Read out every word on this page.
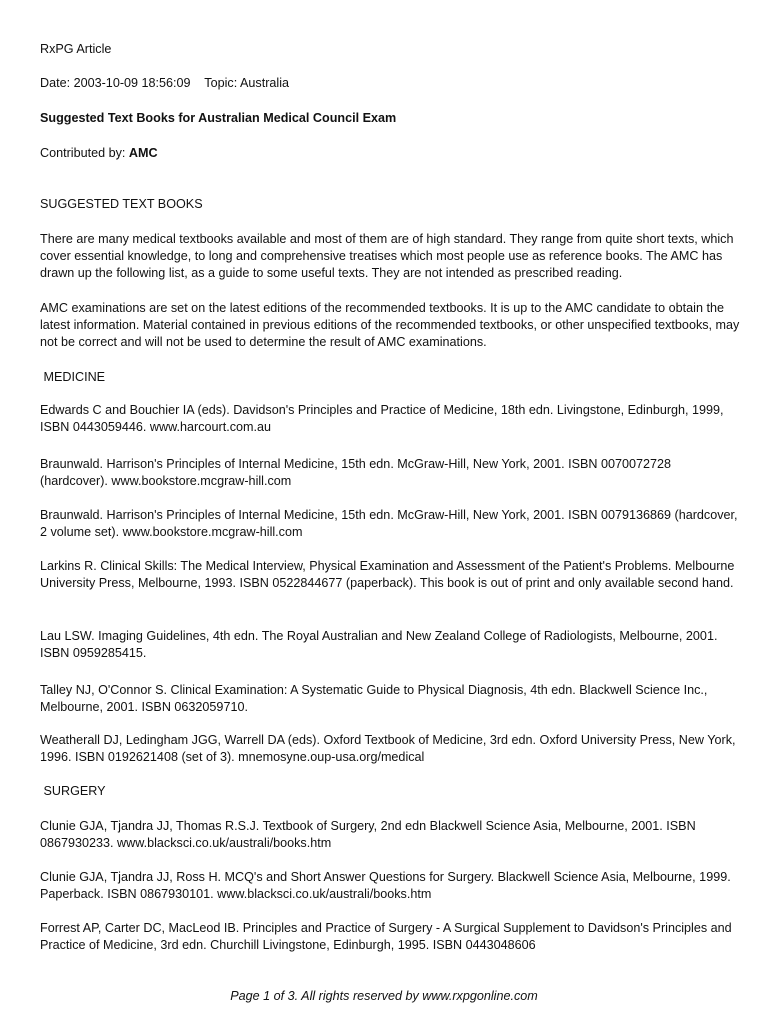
RxPG Article
Date: 2003-10-09 18:56:09    Topic: Australia
Suggested Text Books for Australian Medical Council Exam
Contributed by: AMC
SUGGESTED TEXT BOOKS
There are many medical textbooks available and most of them are of high standard. They range from quite short texts, which cover essential knowledge, to long and comprehensive treatises which most people use as reference books. The AMC has drawn up the following list, as a guide to some useful texts. They are not intended as prescribed reading.
AMC examinations are set on the latest editions of the recommended textbooks. It is up to the AMC candidate to obtain the latest information. Material contained in previous editions of the recommended textbooks, or other unspecified textbooks, may not be correct and will not be used to determine the result of AMC examinations.
MEDICINE
Edwards C and Bouchier IA (eds). Davidson's Principles and Practice of Medicine, 18th edn. Livingstone, Edinburgh, 1999, ISBN 0443059446. www.harcourt.com.au
Braunwald. Harrison's Principles of Internal Medicine, 15th edn. McGraw-Hill, New York, 2001. ISBN 0070072728 (hardcover). www.bookstore.mcgraw-hill.com
Braunwald. Harrison's Principles of Internal Medicine, 15th edn. McGraw-Hill, New York, 2001. ISBN 0079136869 (hardcover, 2 volume set). www.bookstore.mcgraw-hill.com
Larkins R. Clinical Skills: The Medical Interview, Physical Examination and Assessment of the Patient's Problems. Melbourne University Press, Melbourne, 1993. ISBN 0522844677 (paperback). This book is out of print and only available second hand.
Lau LSW. Imaging Guidelines, 4th edn. The Royal Australian and New Zealand College of Radiologists, Melbourne, 2001. ISBN 0959285415.
Talley NJ, O'Connor S. Clinical Examination: A Systematic Guide to Physical Diagnosis, 4th edn. Blackwell Science Inc., Melbourne, 2001. ISBN 0632059710.
Weatherall DJ, Ledingham JGG, Warrell DA (eds). Oxford Textbook of Medicine, 3rd edn. Oxford University Press, New York, 1996. ISBN 0192621408 (set of 3). mnemosyne.oup-usa.org/medical
SURGERY
Clunie GJA, Tjandra JJ, Thomas R.S.J. Textbook of Surgery, 2nd edn Blackwell Science Asia, Melbourne, 2001. ISBN 0867930233. www.blacksci.co.uk/australi/books.htm
Clunie GJA, Tjandra JJ, Ross H. MCQ's and Short Answer Questions for Surgery. Blackwell Science Asia, Melbourne, 1999. Paperback. ISBN 0867930101. www.blacksci.co.uk/australi/books.htm
Forrest AP, Carter DC, MacLeod IB. Principles and Practice of Surgery - A Surgical Supplement to Davidson's Principles and Practice of Medicine, 3rd edn. Churchill Livingstone, Edinburgh, 1995. ISBN 0443048606
Page 1 of 3. All rights reserved by www.rxpgonline.com
